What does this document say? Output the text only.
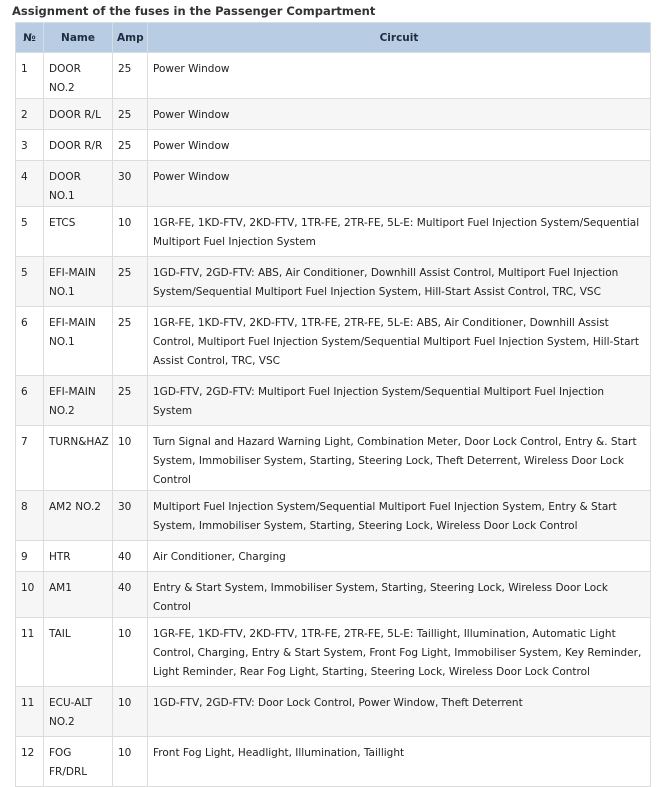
Assignment of the fuses in the Passenger Compartment
№	Name	Amp	Circuit
1	DOOR NO.2	25	Power Window
2	DOOR R/L	25	Power Window
3	DOOR R/R	25	Power Window
4	DOOR NO.1	30	Power Window
5	ETCS	10	1GR-FE, 1KD-FTV, 2KD-FTV, 1TR-FE, 2TR-FE, 5L-E: Multiport Fuel Injection System/Sequential Multiport Fuel Injection System
5	EFI-MAIN NO.1	25	1GD-FTV, 2GD-FTV: ABS, Air Conditioner, Downhill Assist Control, Multiport Fuel Injection System/Sequential Multiport Fuel Injection System, Hill-Start Assist Control, TRC, VSC
6	EFI-MAIN NO.1	25	1GR-FE, 1KD-FTV, 2KD-FTV, 1TR-FE, 2TR-FE, 5L-E: ABS, Air Conditioner, Downhill Assist Control, Multiport Fuel Injection System/Sequential Multiport Fuel Injection System, Hill-Start Assist Control, TRC, VSC
6	EFI-MAIN NO.2	25	1GD-FTV, 2GD-FTV: Multiport Fuel Injection System/Sequential Multiport Fuel Injection System
7	TURN&HAZ	10	Turn Signal and Hazard Warning Light, Combination Meter, Door Lock Control, Entry &. Start System, Immobiliser System, Starting, Steering Lock, Theft Deterrent, Wireless Door Lock Control
8	AM2 NO.2	30	Multiport Fuel Injection System/Sequential Multiport Fuel Injection System, Entry & Start System, Immobiliser System, Starting, Steering Lock, Wireless Door Lock Control
9	HTR	40	Air Conditioner, Charging
10	AM1	40	Entry & Start System, Immobiliser System, Starting, Steering Lock, Wireless Door Lock Control
11	TAIL	10	1GR-FE, 1KD-FTV, 2KD-FTV, 1TR-FE, 2TR-FE, 5L-E: Taillight, Illumination, Automatic Light Control, Charging, Entry & Start System, Front Fog Light, Immobiliser System, Key Reminder, Light Reminder, Rear Fog Light, Starting, Steering Lock, Wireless Door Lock Control
11	ECU-ALT NO.2	10	1GD-FTV, 2GD-FTV: Door Lock Control, Power Window, Theft Deterrent
12	FOG FR/DRL	10	Front Fog Light, Headlight, Illumination, Taillight
